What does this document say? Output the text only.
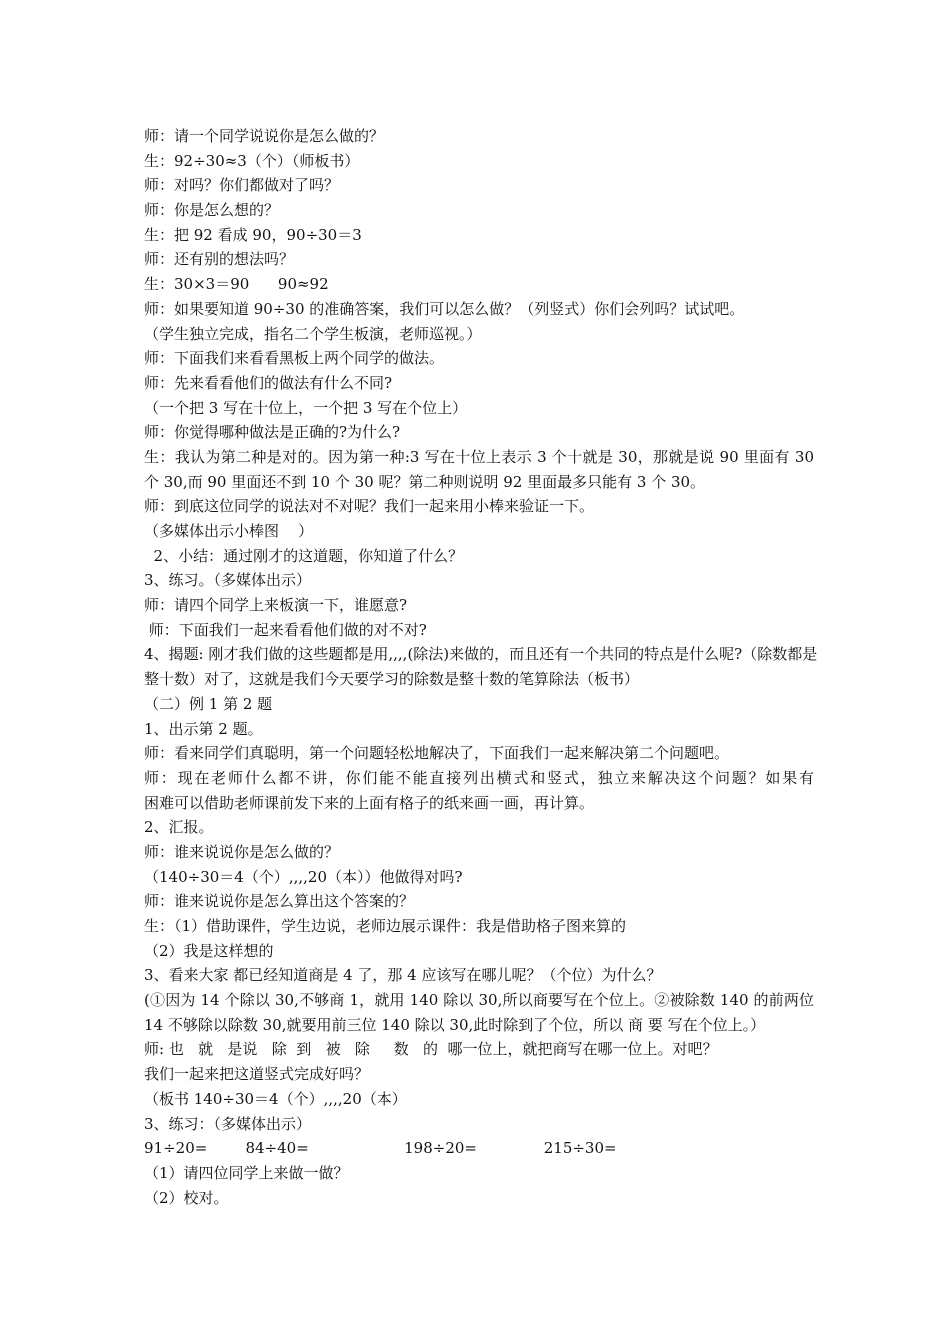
师：请一个同学说说你是怎么做的？
生：92÷30≈3（个）（师板书）
师：对吗？你们都做对了吗？
师：你是怎么想的？
生：把 92 看成 90，90÷30＝3
师：还有别的想法吗？
生：30×3＝90      90≈92
师：如果要知道 90÷30 的准确答案，我们可以怎么做？（列竖式）你们会列吗？试试吧。
（学生独立完成，指名二个学生板演，老师巡视。）
师：下面我们来看看黑板上两个同学的做法。
师：先来看看他们的做法有什么不同?
（一个把 3 写在十位上，一个把 3 写在个位上）
师：你觉得哪种做法是正确的?为什么?
生：我认为第二种是对的。因为第一种:3 写在十位上表示 3 个十就是 30，那就是说 90 里面有 30
个 30,而 90 里面还不到 10 个 30 呢？第二种则说明 92 里面最多只能有 3 个 30。
师：到底这位同学的说法对不对呢？我们一起来用小棒来验证一下。
（多媒体出示小棒图    ）
2、小结：通过刚才的这道题，你知道了什么？
3、练习。（多媒体出示）
师：请四个同学上来板演一下，谁愿意?
师：下面我们一起来看看他们做的对不对?
4、揭题: 刚才我们做的这些题都是用,,,,(除法)来做的，而且还有一个共同的特点是什么呢?（除数都是
整十数）对了，这就是我们今天要学习的除数是整十数的笔算除法（板书）
（二）例 1 第 2 题
1、出示第 2 题。
师：看来同学们真聪明，第一个问题轻松地解决了，下面我们一起来解决第二个问题吧。
师：现在老师什么都不讲，你们能不能直接列出横式和竖式，独立来解决这个问题？如果有
困难可以借助老师课前发下来的上面有格子的纸来画一画，再计算。
2、汇报。
师：谁来说说你是怎么做的？
（140÷30＝4（个）,,,,20（本））他做得对吗?
师：谁来说说你是怎么算出这个答案的？
生：（1）借助课件，学生边说，老师边展示课件：我是借助格子图来算的
（2）我是这样想的
3、看来大家 都已经知道商是 4 了，那 4 应该写在哪儿呢？（个位）为什么？
(①因为 14 个除以 30,不够商 1，就用 140 除以 30,所以商要写在个位上。②被除数 140 的前两位
14 不够除以除数 30,就要用前三位 140 除以 30,此时除到了个位，所以 商 要 写在个位上。）
师: 也   就   是说   除  到   被   除     数   的  哪一位上，就把商写在哪一位上。对吧？
我们一起来把这道竖式完成好吗？
（板书 140÷30＝4（个）,,,,20（本）
3、练习：（多媒体出示）
91÷20=        84÷40=                    198÷20=              215÷30=
（1）请四位同学上来做一做？
（2）校对。
